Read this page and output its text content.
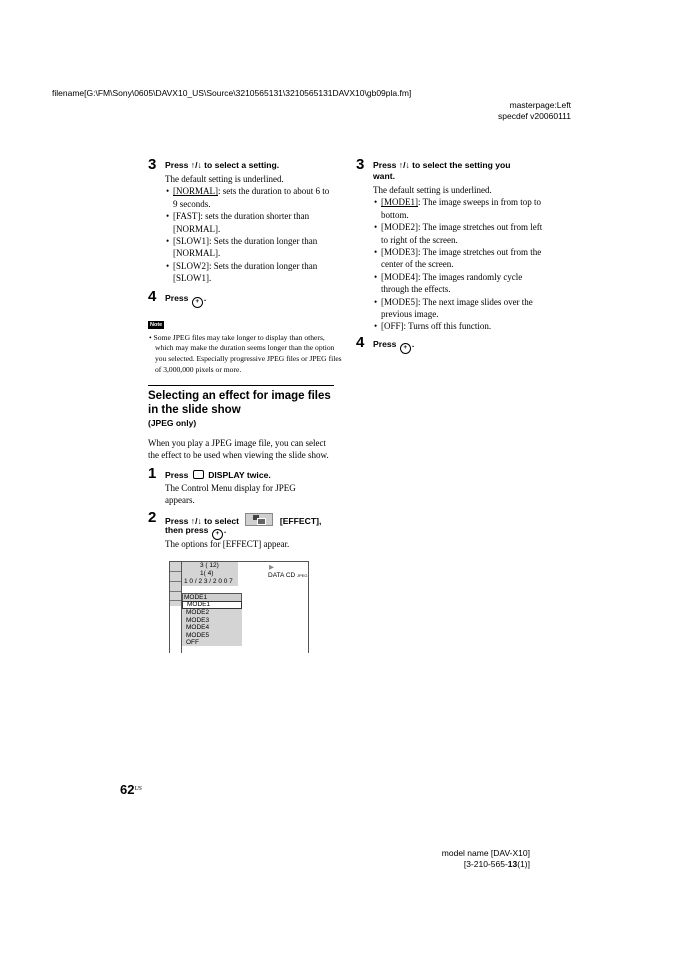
filename[G:\FM\Sony\0605\DAVX10_US\Source\3210565131\3210565131DAVX10\gb09pla.fm]
masterpage:Left
specdef v20060111
3 Press ↑/↓ to select a setting.
The default setting is underlined.
• [NORMAL]: sets the duration to about 6 to 9 seconds.
• [FAST]: sets the duration shorter than [NORMAL].
• [SLOW1]: Sets the duration longer than [NORMAL].
• [SLOW2]: Sets the duration longer than [SLOW1].
4 Press + .
Note
• Some JPEG files may take longer to display than others, which may make the duration seems longer than the option you selected. Especially progressive JPEG files or JPEG files of 3,000,000 pixels or more.
Selecting an effect for image files in the slide show
(JPEG only)
When you play a JPEG image file, you can select the effect to be used when viewing the slide show.
1 Press DISPLAY twice.
The Control Menu display for JPEG appears.
2 Press ↑/↓ to select	[EFFECT],
then press + .
The options for [EFFECT] appear.
3 ( 12)
1( 4)
1 0 / 2 3 / 2 0 0 7
▶
DATA CD JPEG
MODE1
MODE1
MODE2
MODE3
MODE4
MODE5
OFF
3 Press ↑/↓ to select the setting you
want.
The default setting is underlined.
• [MODE1]: The image sweeps in from top to bottom.
• [MODE2]: The image stretches out from left to right of the screen.
• [MODE3]: The image stretches out from the center of the screen.
• [MODE4]: The images randomly cycle through the effects.
• [MODE5]: The next image slides over the previous image.
• [OFF]: Turns off this function.
4 Press + .
$62^{US}$
model name [DAV-X10]
[3-210-565-13(1)]
